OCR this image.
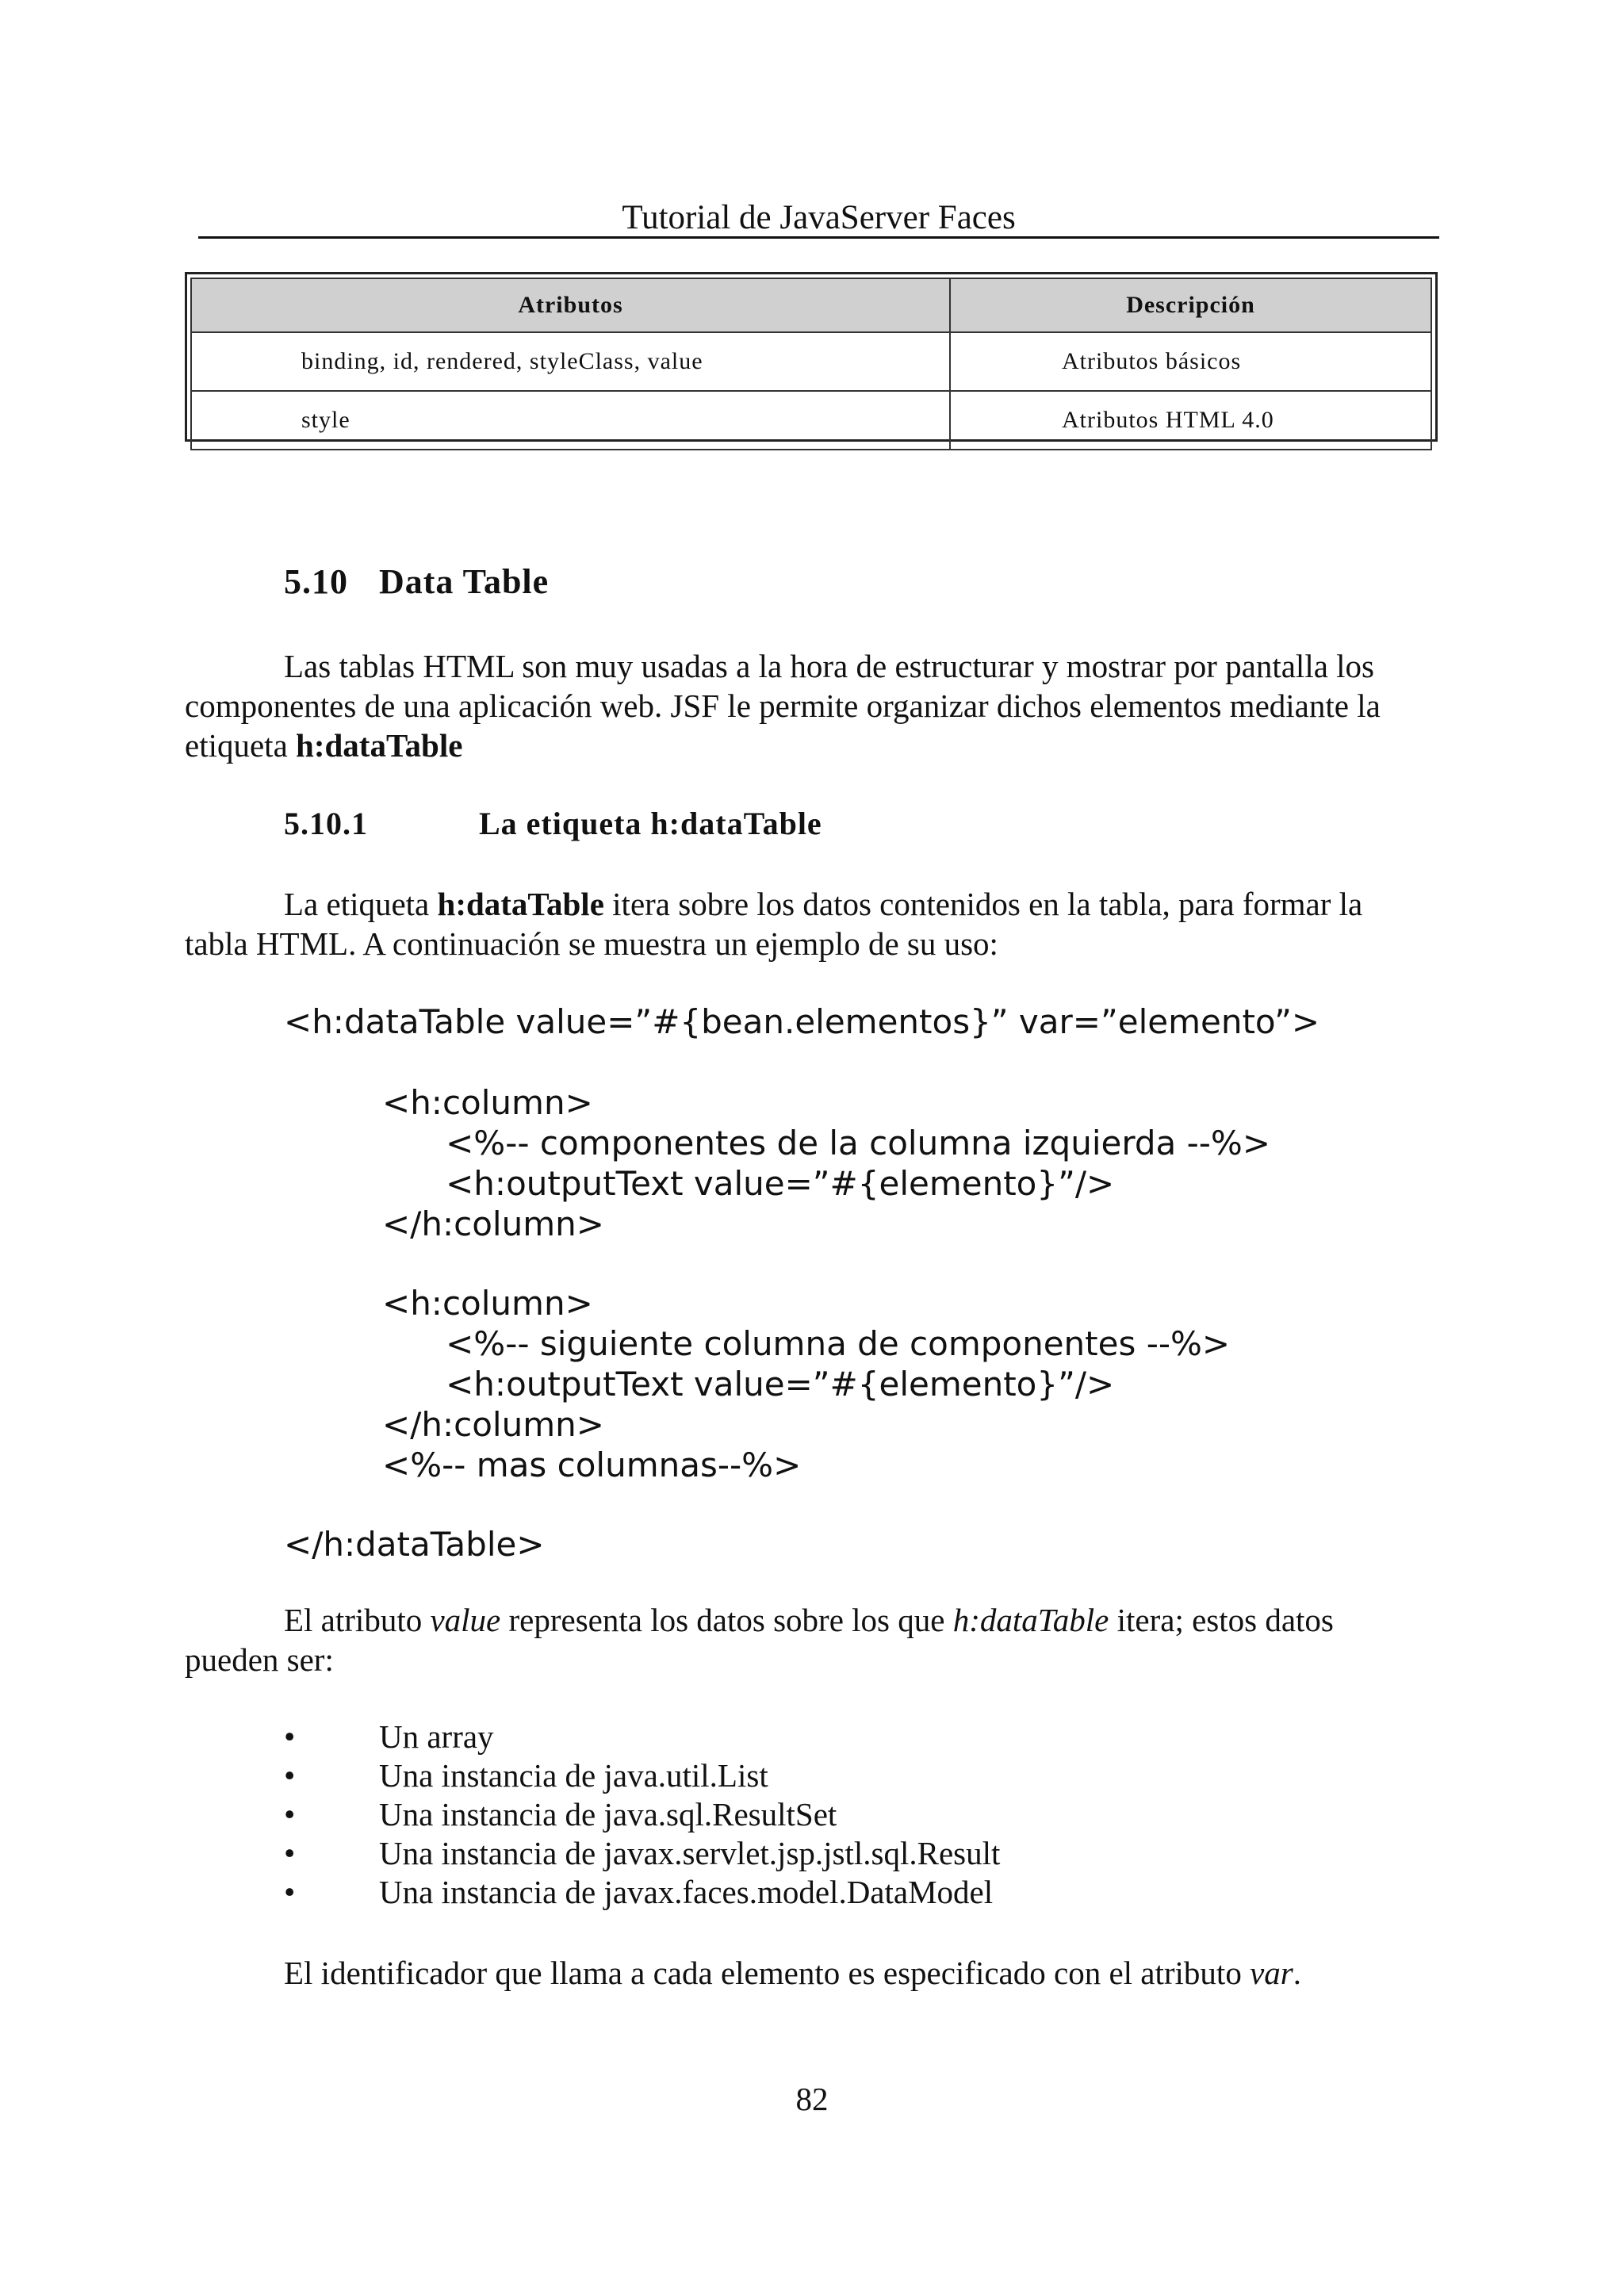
Tutorial de JavaServer Faces
Atributos	Descripción
binding, id, rendered, styleClass, value	Atributos básicos
style	Atributos HTML 4.0
5.10 Data Table
Las tablas HTML son muy usadas a la hora de estructurar y mostrar por pantalla los componentes de una aplicación web. JSF le permite organizar dichos elementos mediante la etiqueta h:dataTable
5.10.1	La etiqueta h:dataTable
La etiqueta h:dataTable itera sobre los datos contenidos en la tabla, para formar la tabla HTML. A continuación se muestra un ejemplo de su uso:
<h:dataTable value=”#{bean.elementos}” var=”elemento”>
<h:column>
<%-- componentes de la columna izquierda --%>
<h:outputText value=”#{elemento}”/>
</h:column>
<h:column>
<%-- siguiente columna de componentes --%>
<h:outputText value=”#{elemento}”/>
</h:column>
<%-- mas columnas--%>
</h:dataTable>
El atributo value representa los datos sobre los que h:dataTable itera; estos datos pueden ser:
•	Un array
•	Una instancia de java.util.List
•	Una instancia de java.sql.ResultSet
•	Una instancia de javax.servlet.jsp.jstl.sql.Result
•	Una instancia de javax.faces.model.DataModel
El identificador que llama a cada elemento es especificado con el atributo var.
82
